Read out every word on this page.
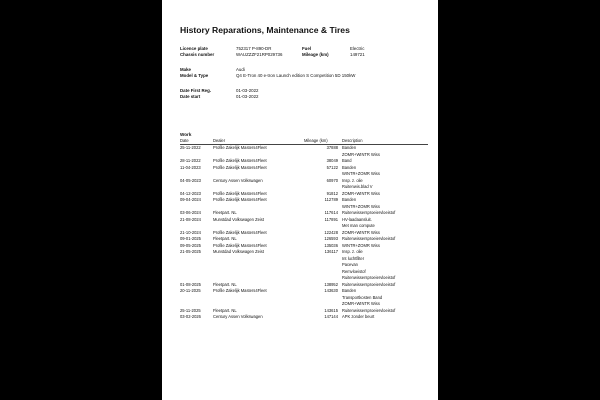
History Reparations, Maintenance & Tires
Licence plate	752317 P-890-DR	Fuel	Electric
Chassis number	WAUZZZF21RP029736	Mileage (km)	149721
Make	Audi
Model & Type	Q4 E-Tron 40 e-tron Launch edition S Competition 5D 150kW
Date First Reg.	01-03-2022
Date start	01-03-2022
Work
Date	Dealer	Mileage (km)	Description
25-11-2022	Profile Zakelijk Masters4Fleet	37888 Banden
ZOMR+WINTR Wiss
28-11-2022	Profile Zakelijk Masters4Fleet	38049 Band
11-04-2023	Profile Zakelijk Masters4Fleet	57122 Banden
WINTR+ZOMR Wiss
04-05-2023	Century Assen Volkswagen	60970 Insp. z. olie
Ruitenwis.blad V
04-12-2023	Profile Zakelijk Masters4Fleet	91812 ZOMR+WINTR Wiss
09-04-2024	Profile Zakelijk Masters4Fleet	112789 Banden
WINTR+ZOMR Wiss
03-06-2024	Fleetpart. NL	117614 Ruitenwissersproeiervloeistof
21-08-2024	Munstdad Volkswagen Zeist	117891 HV-laadaansluit.
Met man compute
21-10-2024	Profile Zakelijk Masters4Fleet	122428 ZOMR+WINTR Wiss
09-01-2025	Fleetpart. NL	126593 Ruitenwissersproeiervloeistof
09-05-2025	Profile Zakelijk Masters4Fleet	135036 WINTR+ZOMR Wiss
21-05-2025	Munstdad Volkswagen Zeist	136117 Insp. z. olie
Int luchtfilter
Pacevan
Remvloeistof
Ruitenwissersproeiervloeistof
01-08-2025	Fleetpart. NL	138952 Ruitenwissersproeiervloeistof
20-11-2025	Profile Zakelijk Masters4Fleet	143630 Banden
Transportkosten Band
ZOMR+WINTR Wiss
25-11-2025	Fleetpart. NL	143615 Ruitenwissersproeiervloeistof
03-02-2026	Century Assen Volkswagen	147144 APK zonder beurt
